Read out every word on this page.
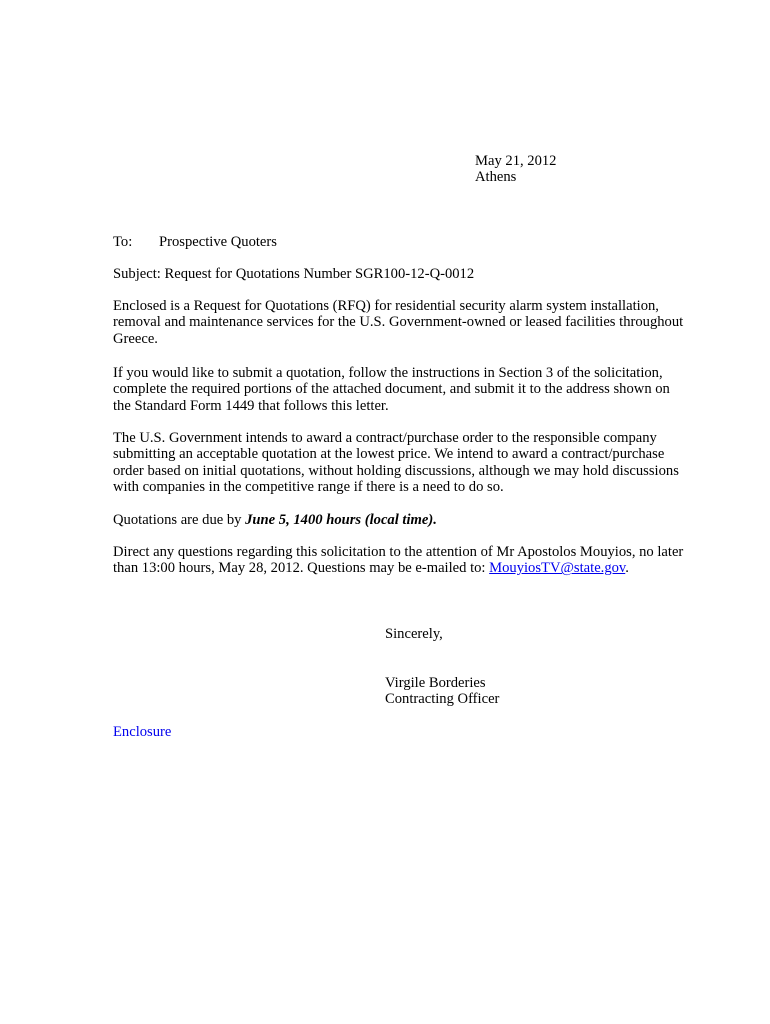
May 21, 2012
Athens
To: Prospective Quoters

Subject: Request for Quotations Number SGR100-12-Q-0012

Enclosed is a Request for Quotations (RFQ) for residential security alarm system installation,
removal and maintenance services for the U.S. Government-owned or leased facilities throughout
Greece.

If you would like to submit a quotation, follow the instructions in Section 3 of the solicitation,
complete the required portions of the attached document, and submit it to the address shown on
the Standard Form 1449 that follows this letter.

The U.S. Government intends to award a contract/purchase order to the responsible company
submitting an acceptable quotation at the lowest price. We intend to award a contract/purchase
order based on initial quotations, without holding discussions, although we may hold discussions
with companies in the competitive range if there is a need to do so.

Quotations are due by June 5, 1400 hours (local time).

Direct any questions regarding this solicitation to the attention of Mr Apostolos Mouyios, no later
than 13:00 hours, May 28, 2012. Questions may be e-mailed to: MouyiosTV@state.gov.

Sincerely,
Virgile Borderies
Contracting Officer
Enclosure
